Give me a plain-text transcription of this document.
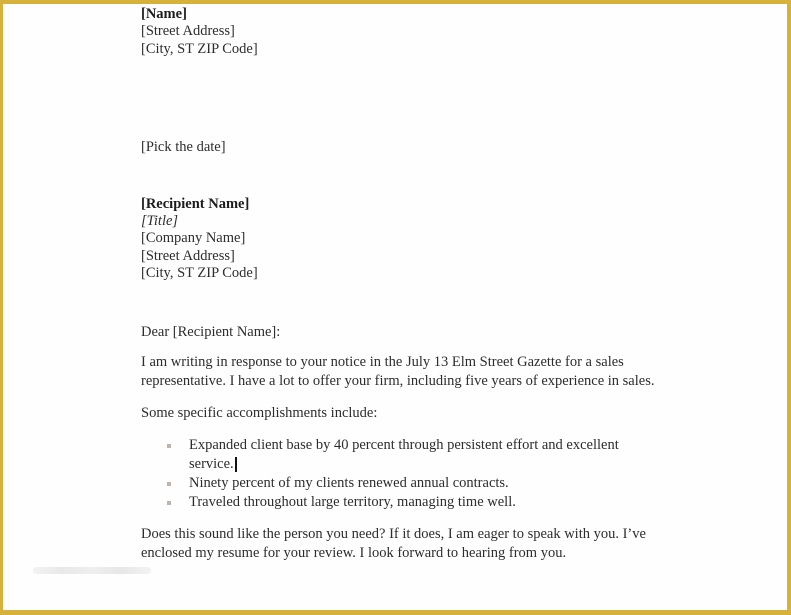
[Name]
[Street Address]
[City, ST ZIP Code]
[Pick the date]
[Recipient Name]
[Title]
[Company Name]
[Street Address]
[City, ST ZIP Code]
Dear [Recipient Name]:
I am writing in response to your notice in the July 13 Elm Street Gazette for a sales representative. I have a lot to offer your firm, including five years of experience in sales.
Some specific accomplishments include:
Expanded client base by 40 percent through persistent effort and excellent service.
Ninety percent of my clients renewed annual contracts.
Traveled throughout large territory, managing time well.
Does this sound like the person you need? If it does, I am eager to speak with you. I’ve enclosed my resume for your review. I look forward to hearing from you.
